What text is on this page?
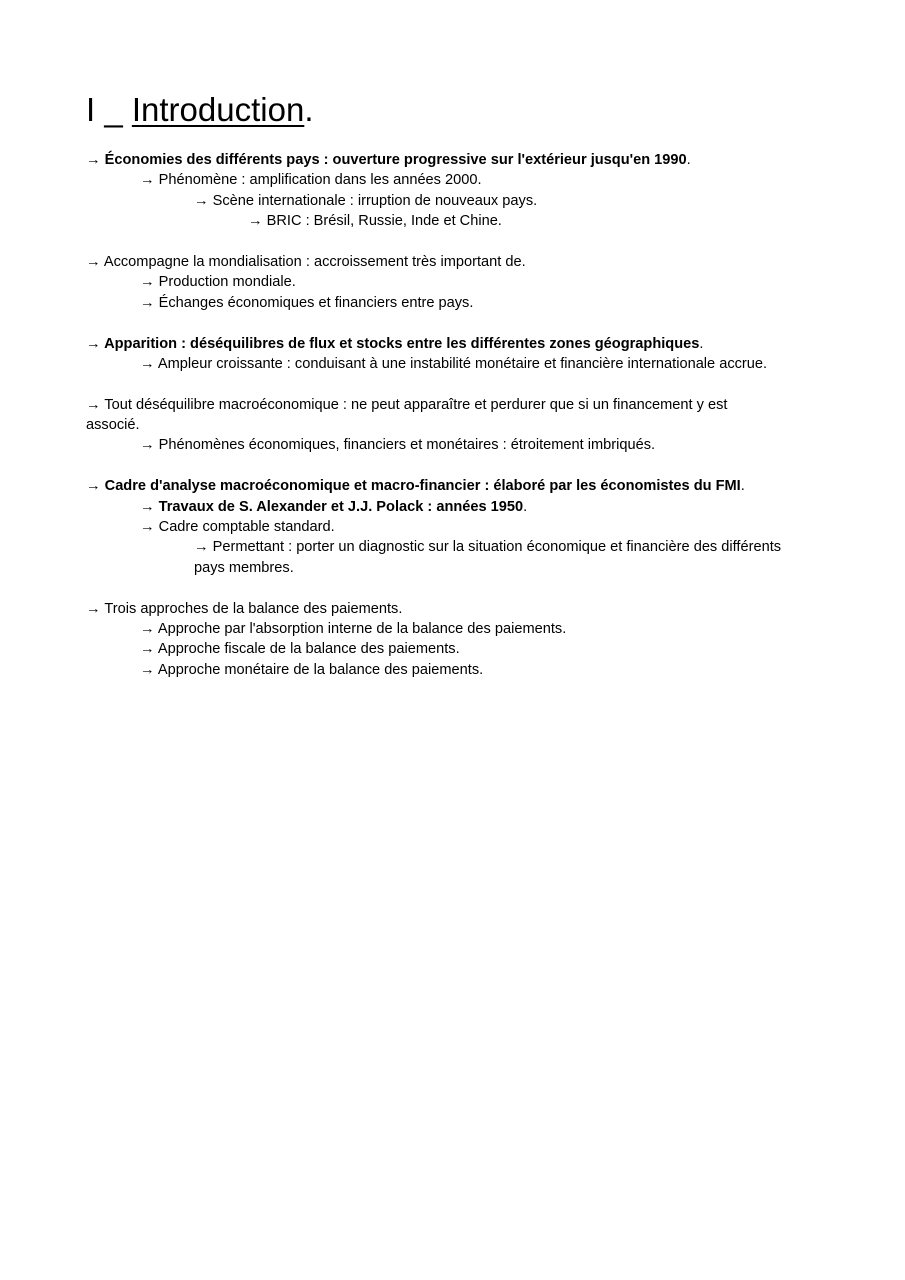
I _ Introduction.
→ Économies des différents pays : ouverture progressive sur l'extérieur jusqu'en 1990.
→ Phénomène : amplification dans les années 2000.
→ Scène internationale : irruption de nouveaux pays.
→ BRIC : Brésil, Russie, Inde et Chine.
→ Accompagne la mondialisation : accroissement très important de.
→ Production mondiale.
→ Échanges économiques et financiers entre pays.
→ Apparition : déséquilibres de flux et stocks entre les différentes zones géographiques.
→ Ampleur croissante : conduisant à une instabilité monétaire et financière internationale accrue.
→ Tout déséquilibre macroéconomique : ne peut apparaître et perdurer que si un financement y est
associé.
→ Phénomènes économiques, financiers et monétaires : étroitement imbriqués.
→ Cadre d'analyse macroéconomique et macro-financier : élaboré par les économistes du FMI.
→ Travaux de S. Alexander et J.J. Polack : années 1950.
→ Cadre comptable standard.
→ Permettant : porter un diagnostic sur la situation économique et financière des différents
pays membres.
→ Trois approches de la balance des paiements.
→ Approche par l'absorption interne de la balance des paiements.
→ Approche fiscale de la balance des paiements.
→ Approche monétaire de la balance des paiements.
